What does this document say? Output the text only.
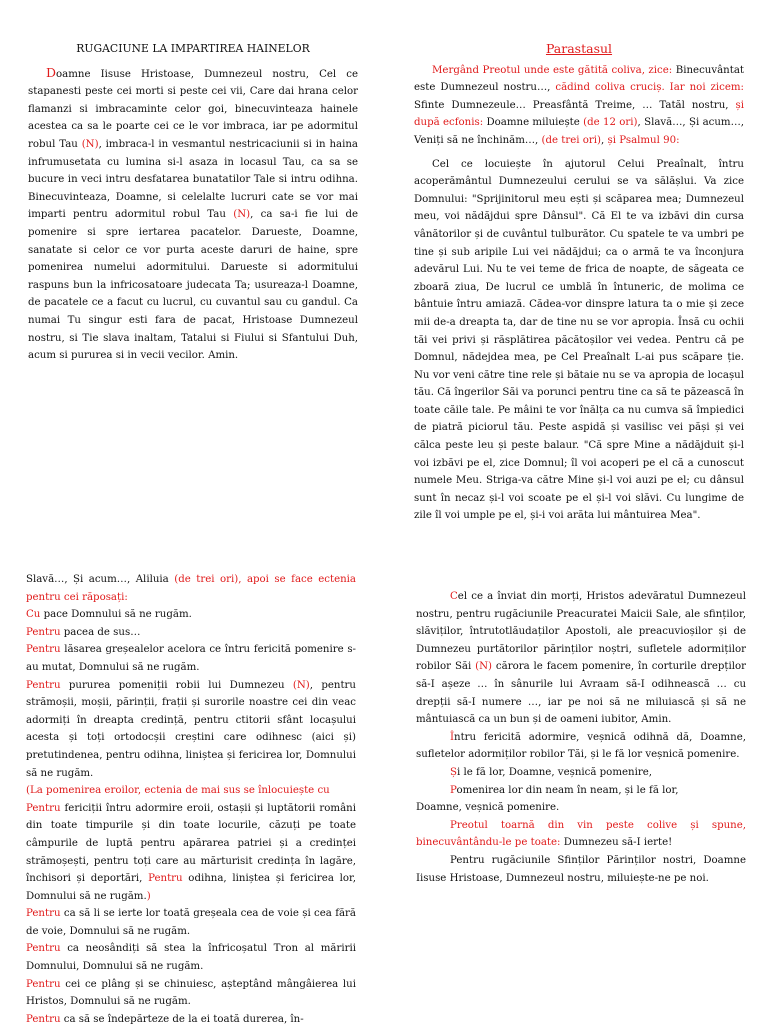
RUGACIUNE LA IMPARTIREA HAINELOR

Doamne Iisuse Hristoase, Dumnezeul nostru, Cel ce stapanesti peste cei morti si peste cei vii, Care dai hrana celor flamanzi si imbracaminte celor goi, binecuvinteaza hainele acestea ca sa le poarte cei ce le vor imbraca, iar pe adormitul robul Tau (N), imbraca-l in vesmantul nestricaciunii si in haina infrumusetata cu lumina si-l asaza in locasul Tau, ca sa se bucure in veci intru desfatarea bunatatilor Tale si intru odihna. Binecuvinteaza, Doamne, si celelalte lucruri cate se vor mai imparti pentru adormitul robul Tau (N), ca sa-i fie lui de pomenire si spre iertarea pacatelor. Darueste, Doamne, sanatate si celor ce vor purta aceste daruri de haine, spre pomenirea numelui adormitului. Darueste si adormitului raspuns bun la infricosatoare judecata Ta; usureaza-l Doamne, de pacatele ce a facut cu lucrul, cu cuvantul sau cu gandul. Ca numai Tu singur esti fara de pacat, Hristoase Dumnezeul nostru, si Tie slava inaltam, Tatalui si Fiului si Sfantului Duh, acum si pururea si in vecii vecilor. Amin.

Parastasul

Mergând Preotul unde este gătită coliva, zice: Binecuvântat este Dumnezeul nostru…, cădind coliva cruciș. Iar noi zicem: Sfinte Dumnezeule… Preasfântă Treime, … Tatăl nostru, și după ecfonis: Doamne miluiește (de 12 ori), Slavă…, Și acum…, Veniți să ne închinăm…, (de trei ori), și Psalmul 90:

Cel ce locuiește în ajutorul Celui Preaînalt, întru acoperământul Dumnezeului cerului se va sălășlui. Va zice Domnului: "Sprijinitorul meu ești și scăparea mea; Dumnezeul meu, voi nădăjdui spre Dânsul". Că El te va izbăvi din cursa vânătorilor și de cuvântul tulburător. Cu spatele te va umbri pe tine și sub aripile Lui vei nădăjdui; ca o armă te va înconjura adevărul Lui. Nu te vei teme de frica de noapte, de săgeata ce zboară ziua, De lucrul ce umblă în întuneric, de molima ce bântuie întru amiază. Cădea-vor dinspre latura ta o mie și zece mii de-a dreapta ta, dar de tine nu se vor apropia. Însă cu ochii tăi vei privi și răsplătirea păcătoșilor vei vedea. Pentru că pe Domnul, nădejdea mea, pe Cel Preaînalt L-ai pus scăpare ție. Nu vor veni către tine rele și bătaie nu se va apropia de locașul tău. Că îngerilor Săi va porunci pentru tine ca să te păzească în toate căile tale. Pe mâini te vor înălța ca nu cumva să împiedici de piatră piciorul tău. Peste aspidă și vasilisc vei păși și vei călca peste leu și peste balaur. "Că spre Mine a nădăjduit și-l voi izbăvi pe el, zice Domnul; îl voi acoperi pe el că a cunoscut numele Meu. Striga-va către Mine și-l voi auzi pe el; cu dânsul sunt în necaz și-l voi scoate pe el și-l voi slăvi. Cu lungime de zile îl voi umple pe el, și-i voi arăta lui mântuirea Mea".

Slavă…, Și acum…, Aliluia (de trei ori), apoi se face ectenia pentru cei răposați:

Cu pace Domnului să ne rugăm.

Pentru pacea de sus…

Pentru lăsarea greșealelor acelora ce întru fericită pomenire s-au mutat, Domnului să ne rugăm.

Pentru pururea pomeniții robii lui Dumnezeu (N), pentru strămoșii, moșii, părinții, frații și surorile noastre cei din veac adormiți în dreapta credință, pentru ctitorii sfânt locașului acesta și toți ortodocșii creștini care odihnesc (aici și) pretutindenea, pentru odihna, liniștea și fericirea lor, Domnului să ne rugăm.

(La pomenirea eroilor, ectenia de mai sus se înlocuiește cu

Pentru fericiții întru adormire eroii, ostașii și luptătorii români din toate timpurile și din toate locurile, căzuți pe toate câmpurile de luptă pentru apărarea patriei și a credinței strămoșești, pentru toți care au mărturisit credința în lagăre, închisori și deportări, Pentru odihna, liniștea și fericirea lor, Domnului să ne rugăm.)

Pentru ca să li se ierte lor toată greșeala cea de voie și cea fără de voie, Domnului să ne rugăm.

Pentru ca neosândiți să stea la înfricoșatul Tron al măririi Domnului, Domnului să ne rugăm.

Pentru cei ce plâng și se chinuiesc, așteptând mângâierea lui Hristos, Domnului să ne rugăm.

Pentru ca să se îndepărteze de la ei toată durerea, în-

Cel ce a înviat din morți, Hristos adevăratul Dumnezeul nostru, pentru rugăciunile Preacuratei Maicii Sale, ale sfinților, slăviților, întrutotlăudaților Apostoli, ale preacuvioșilor și de Dumnezeu purtătorilor părinților noștri, sufletele adormiților robilor Săi (N) cărora le facem pomenire, în corturile drepților să-I așeze … în sânurile lui Avraam să-I odihnească … cu drepții să-I numere …, iar pe noi să ne miluiască și să ne mântuiască ca un bun și de oameni iubitor, Amin.

Întru fericită adormire, veșnică odihnă dă, Doamne, sufletelor adormiților robilor Tăi, și le fă lor veșnică pomenire.

Și le fă lor, Doamne, veșnică pomenire,

Pomenirea lor din neam în neam, și le fă lor,

Doamne, veșnică pomenire.

Preotul toarnă din vin peste colive și spune, binecuvântându-le pe toate: Dumnezeu să-I ierte!

Pentru rugăciunile Sfinților Părinților nostri, Doamne Iisuse Hristoase, Dumnezeul nostru, miluiește-ne pe noi.
